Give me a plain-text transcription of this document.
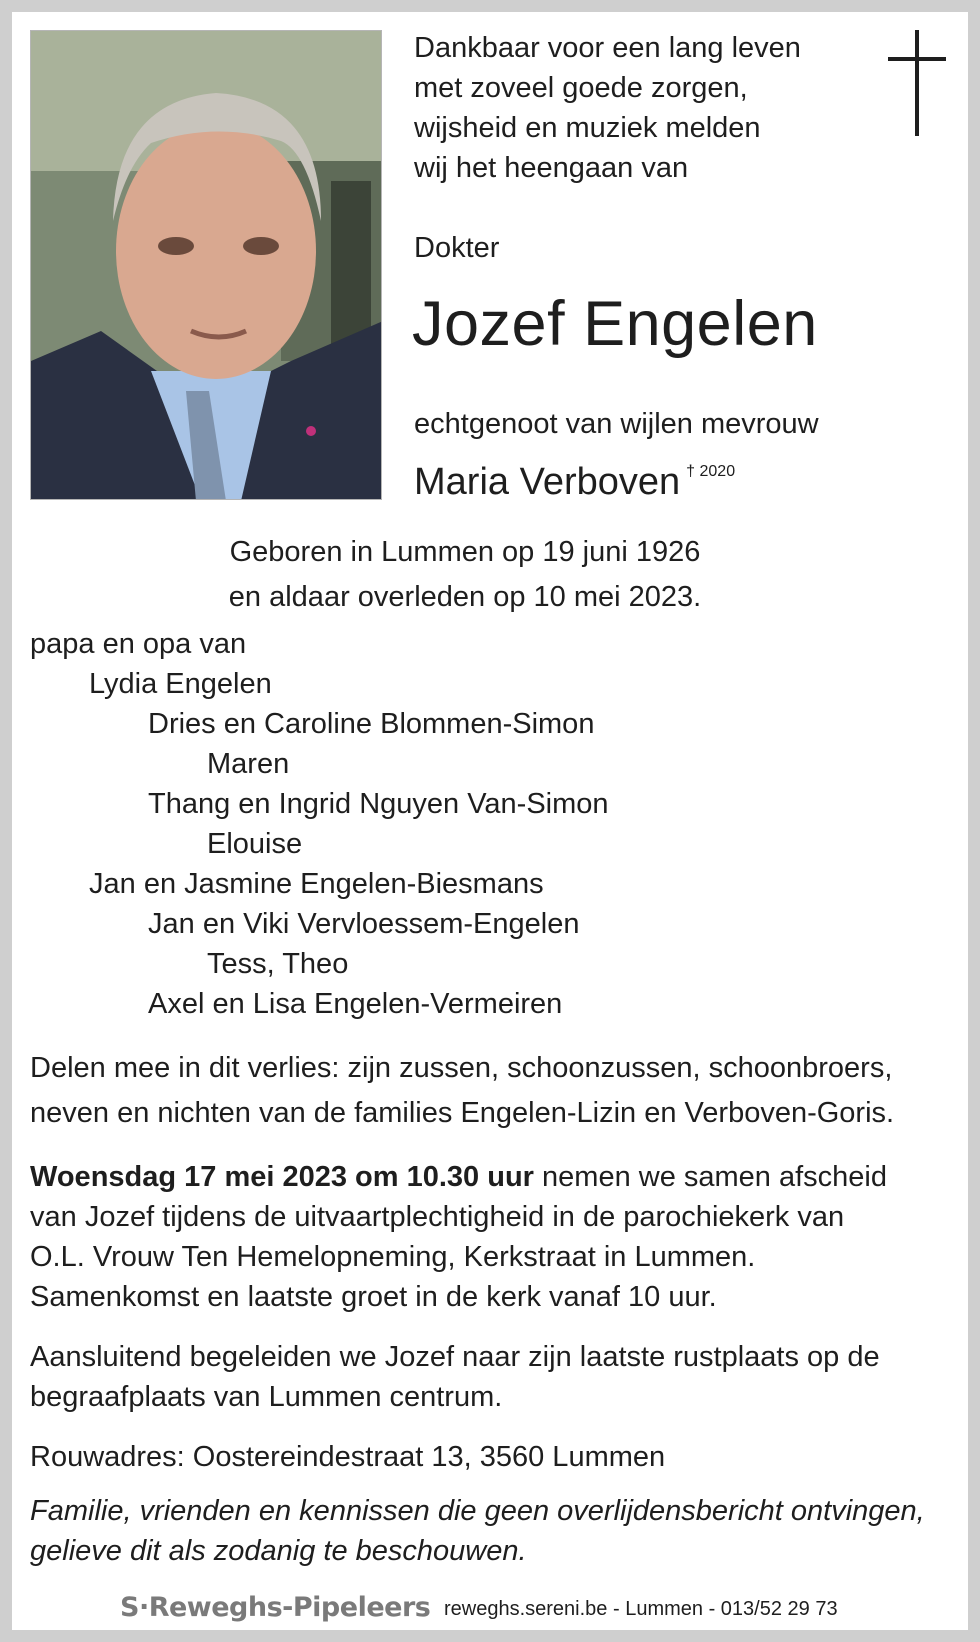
Dankbaar voor een lang leven
met zoveel goede zorgen,
wijsheid en muziek melden
wij het heengaan van
Dokter
Jozef Engelen
echtgenoot van wijlen mevrouw
Maria Verboven $^{\dagger 2020}$
Geboren in Lummen op 19 juni 1926
en aldaar overleden op 10 mei 2023.
papa en opa van
Lydia Engelen
Dries en Caroline Blommen-Simon
Maren
Thang en Ingrid Nguyen Van-Simon
Elouise
Jan en Jasmine Engelen-Biesmans
Jan en Viki Vervloessem-Engelen
Tess, Theo
Axel en Lisa Engelen-Vermeiren
Delen mee in dit verlies: zijn zussen, schoonzussen, schoonbroers,
neven en nichten van de families Engelen-Lizin en Verboven-Goris.
Woensdag 17 mei 2023 om 10.30 uur nemen we samen afscheid
van Jozef tijdens de uitvaartplechtigheid in de parochiekerk van
O.L. Vrouw Ten Hemelopneming, Kerkstraat in Lummen.
Samenkomst en laatste groet in de kerk vanaf 10 uur.
Aansluitend begeleiden we Jozef naar zijn laatste rustplaats op de
begraafplaats van Lummen centrum.
Rouwadres: Oostereindestraat 13, 3560 Lummen
Familie, vrienden en kennissen die geen overlijdensbericht ontvingen,
gelieve dit als zodanig te beschouwen.
S·Reweghs-Pipeleers reweghs.sereni.be - Lummen - 013/52 29 73
